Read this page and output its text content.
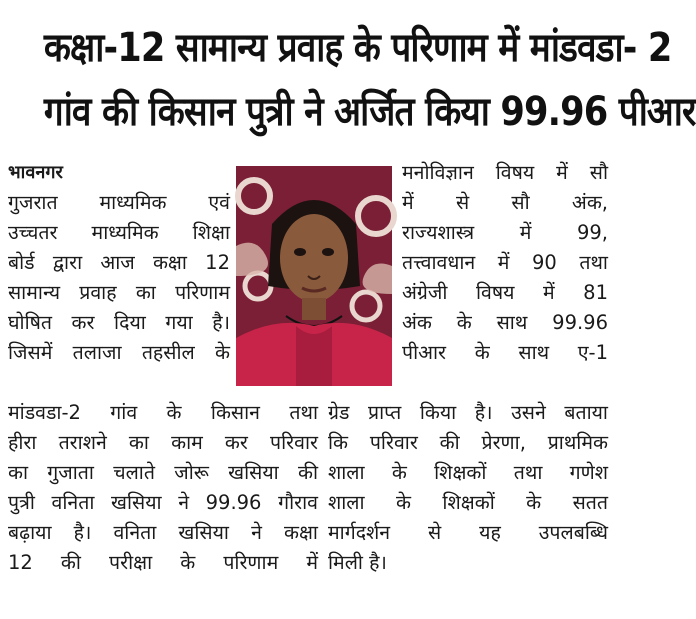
कक्षा-12 सामान्य प्रवाह के परिणाम में मांडवडा- 2
गांव की किसान पुत्री ने अर्जित किया 99.96 पीआर
भावनगर
गुजरात माध्यमिक एवं
उच्चतर माध्यमिक शिक्षा
बोर्ड द्वारा आज कक्षा 12
सामान्य प्रवाह का परिणाम
घोषित कर दिया गया है।
जिसमें तलाजा तहसील के
मनोविज्ञान विषय में सौ
में से सौ अंक,
राज्यशास्त्र में 99,
तत्त्वावधान में 90 तथा
अंग्रेजी विषय में 81
अंक के साथ 99.96
पीआर के साथ ए-1
मांडवडा-2 गांव के किसान तथा
हीरा तराशने का काम कर परिवार
का गुजाता चलाते जोरू खसिया की
पुत्री वनिता खसिया ने 99.96 गौराव
बढ़ाया है। वनिता खसिया ने कक्षा
12 की परीक्षा के परिणाम में
ग्रेड प्राप्त किया है। उसने बताया
कि परिवार की प्रेरणा, प्राथमिक
शाला के शिक्षकों तथा गणेश
शाला के शिक्षकों के सतत
मार्गदर्शन से यह उपलबब्धि
मिली है।
